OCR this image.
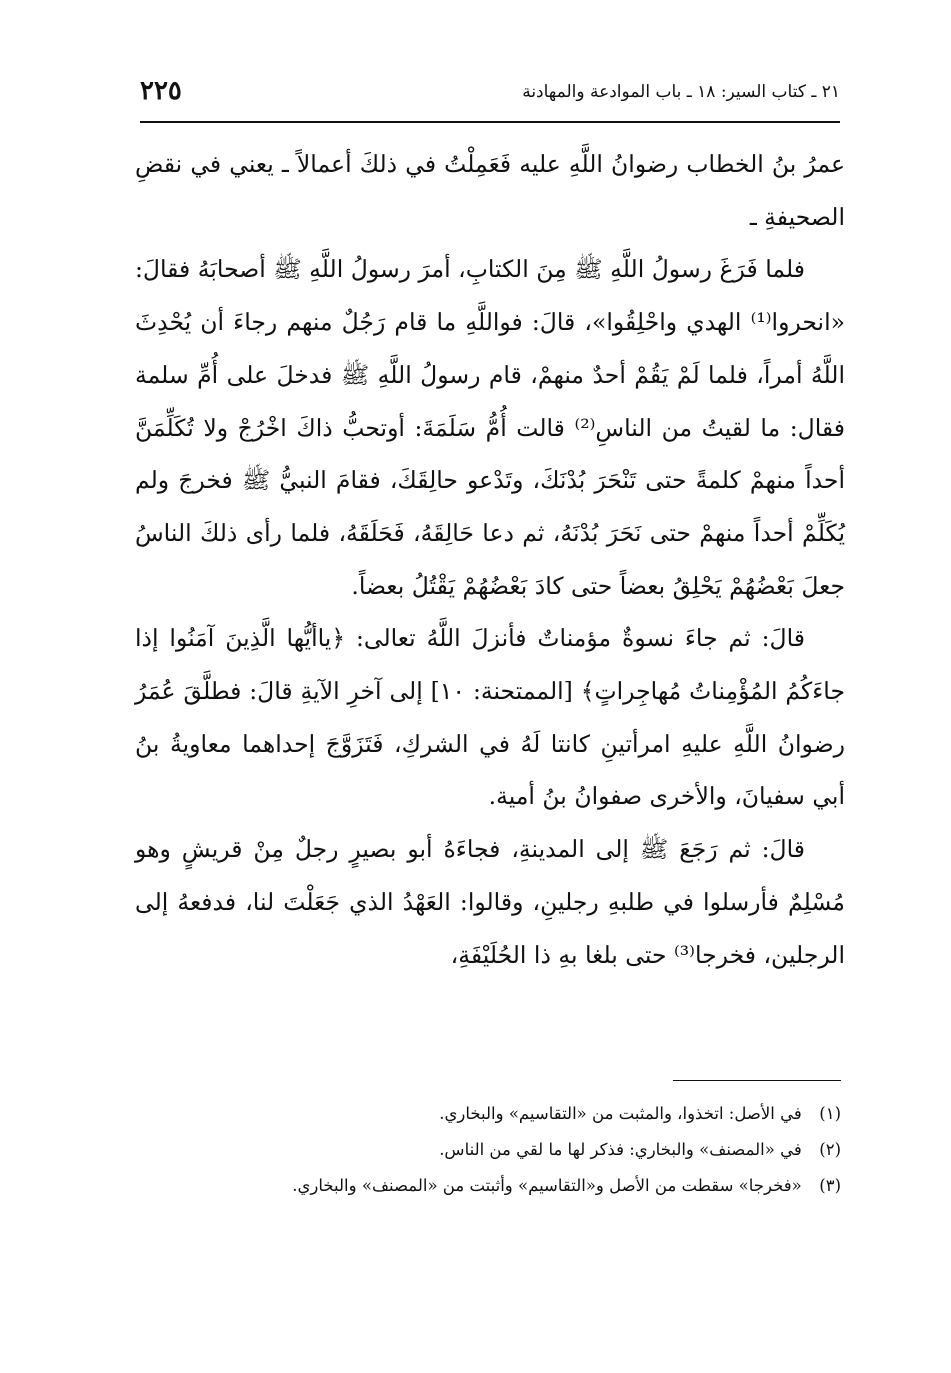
٢٢٥	٢١ ـ كتاب السير: ١٨ ـ باب الموادعة والمهادنة

عمرُ بنُ الخطاب رضوانُ اللَّهِ عليه فَعَمِلْتُ في ذلكَ أعمالاً ـ يعني في نقضِ الصحيفةِ ـ

فلما فَرَغَ رسولُ اللَّهِ ﷺ مِنَ الكتابِ، أمرَ رسولُ اللَّهِ ﷺ أصحابَهُ فقالَ: «انحروا⁽¹⁾ الهدي واحْلِقُوا»، قالَ: فواللَّهِ ما قام رَجُلٌ منهم رجاءَ أن يُحْدِثَ اللَّهُ أمراً، فلما لَمْ يَقُمْ أحدٌ منهمْ، قام رسولُ اللَّهِ ﷺ فدخلَ على أُمِّ سلمة فقال: ما لقيتُ من الناسِ⁽²⁾ قالت أُمُّ سَلَمَةَ: أوتحبُّ ذاكَ اخْرُجْ ولا تُكَلِّمَنَّ أحداً منهمْ كلمةً حتى تَنْحَرَ بُدْنَكَ، وتَدْعو حالِقَكَ، فقامَ النبيُّ ﷺ فخرجَ ولم يُكَلِّمْ أحداً منهمْ حتى نَحَرَ بُدْنَهُ، ثم دعا حَالِقَهُ، فَحَلَقَهُ، فلما رأى ذلكَ الناسُ جعلَ بَعْضُهُمْ يَحْلِقُ بعضاً حتى كادَ بَعْضُهُمْ يَقْتُلُ بعضاً.

قالَ: ثم جاءَ نسوةٌ مؤمناتٌ فأنزلَ اللَّهُ تعالى: ﴿ياأيُّها الَّذِينَ آمَنُوا إذا جاءَكُمُ المُؤْمِناتُ مُهاجِراتٍ﴾ [الممتحنة: ١٠] إلى آخرِ الآيةِ قالَ: فطلَّقَ عُمَرُ رضوانُ اللَّهِ عليهِ امرأتينِ كانتا لَهُ في الشركِ، فَتَزَوَّجَ إحداهما معاويةُ بنُ أبي سفيانَ، والأخرى صفوانُ بنُ أمية.

قالَ: ثم رَجَعَ ﷺ إلى المدينةِ، فجاءَهُ أبو بصيرٍ رجلٌ مِنْ قريشٍ وهو مُسْلِمٌ فأرسلوا في طلبهِ رجلينِ، وقالوا: العَهْدُ الذي جَعَلْتَ لنا، فدفعهُ إلى الرجلين، فخرجا⁽³⁾ حتى بلغا بهِ ذا الحُلَيْفَةِ،

(١) في الأصل: اتخذوا، والمثبت من «التقاسيم» والبخاري.
(٢) في «المصنف» والبخاري: فذكر لها ما لقي من الناس.
(٣) «فخرجا» سقطت من الأصل و«التقاسيم» وأثبتت من «المصنف» والبخاري.
